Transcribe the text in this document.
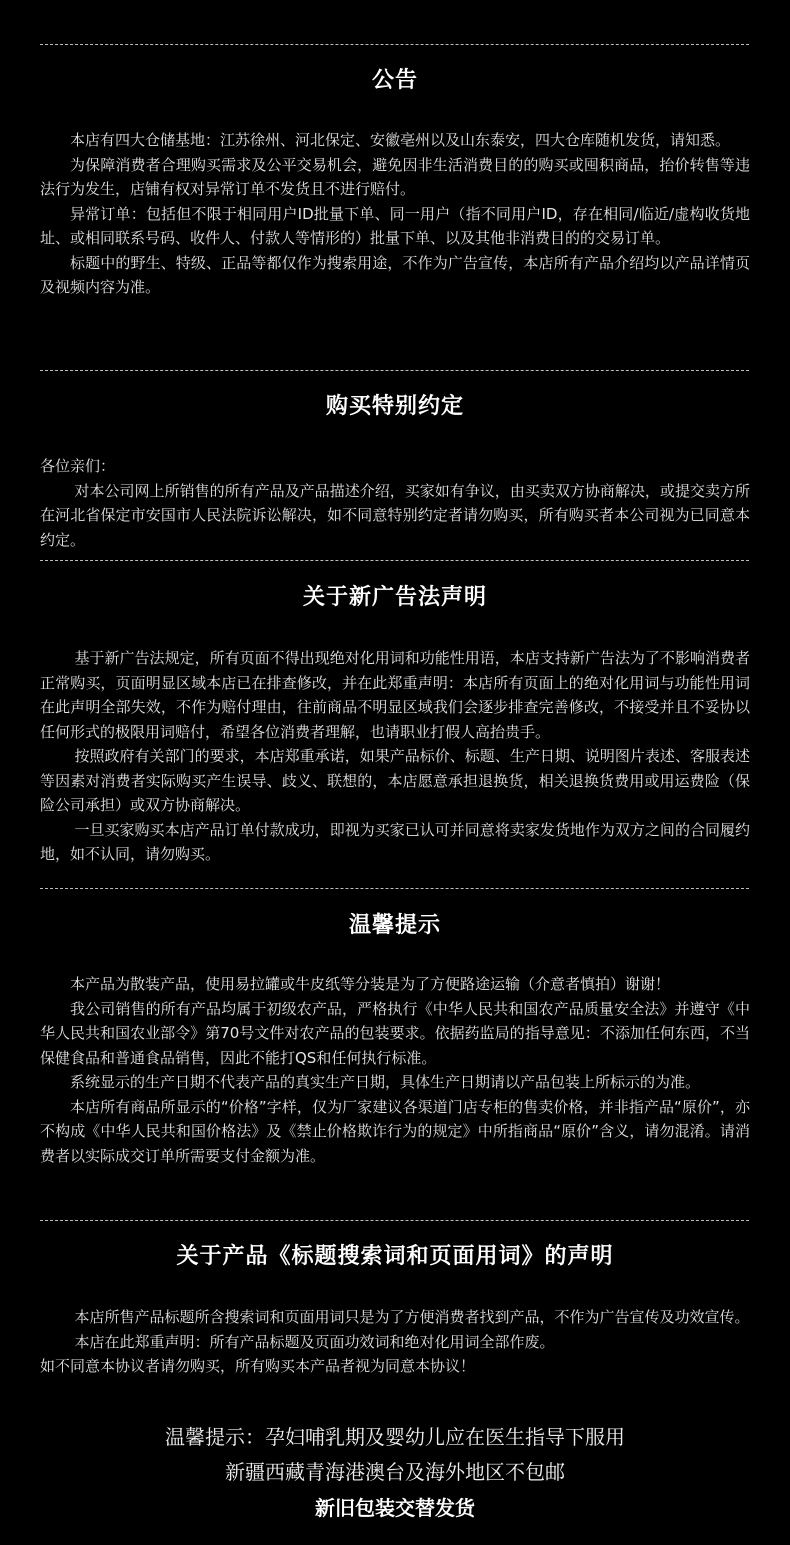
公告

本店有四大仓储基地：江苏徐州、河北保定、安徽亳州以及山东泰安，四大仓库随机发货，请知悉。

为保障消费者合理购买需求及公平交易机会，避免因非生活消费目的的购买或囤积商品，抬价转售等违法行为发生，店铺有权对异常订单不发货且不进行赔付。

异常订单：包括但不限于相同用户ID批量下单、同一用户（指不同用户ID，存在相同/临近/虚构收货地址、或相同联系号码、收件人、付款人等情形的）批量下单、以及其他非消费目的的交易订单。

标题中的野生、特级、正品等都仅作为搜索用途，不作为广告宣传，本店所有产品介绍均以产品详情页及视频内容为准。

购买特别约定

各位亲们：

对本公司网上所销售的所有产品及产品描述介绍，买家如有争议，由买卖双方协商解决，或提交卖方所在河北省保定市安国市人民法院诉讼解决，如不同意特别约定者请勿购买，所有购买者本公司视为已同意本约定。

关于新广告法声明

基于新广告法规定，所有页面不得出现绝对化用词和功能性用语，本店支持新广告法为了不影响消费者正常购买，页面明显区域本店已在排查修改，并在此郑重声明：本店所有页面上的绝对化用词与功能性用词在此声明全部失效，不作为赔付理由，往前商品不明显区域我们会逐步排查完善修改，不接受并且不妥协以任何形式的极限用词赔付，希望各位消费者理解，也请职业打假人高抬贵手。

按照政府有关部门的要求，本店郑重承诺，如果产品标价、标题、生产日期、说明图片表述、客服表述等因素对消费者实际购买产生误导、歧义、联想的，本店愿意承担退换货，相关退换货费用或用运费险（保险公司承担）或双方协商解决。

一旦买家购买本店产品订单付款成功，即视为买家已认可并同意将卖家发货地作为双方之间的合同履约地，如不认同，请勿购买。

温馨提示

本产品为散装产品，使用易拉罐或牛皮纸等分装是为了方便路途运输（介意者慎拍）谢谢！

我公司销售的所有产品均属于初级农产品，严格执行《中华人民共和国农产品质量安全法》并遵守《中华人民共和国农业部令》第70号文件对农产品的包装要求。依据药监局的指导意见：不添加任何东西，不当保健食品和普通食品销售，因此不能打QS和任何执行标准。

系统显示的生产日期不代表产品的真实生产日期，具体生产日期请以产品包装上所标示的为准。

本店所有商品所显示的“价格”字样，仅为厂家建议各渠道门店专柜的售卖价格，并非指产品“原价”，亦不构成《中华人民共和国价格法》及《禁止价格欺诈行为的规定》中所指商品“原价”含义，请勿混淆。请消费者以实际成交订单所需要支付金额为准。

关于产品《标题搜索词和页面用词》的声明

本店所售产品标题所含搜索词和页面用词只是为了方便消费者找到产品，不作为广告宣传及功效宣传。

本店在此郑重声明：所有产品标题及页面功效词和绝对化用词全部作废。

如不同意本协议者请勿购买，所有购买本产品者视为同意本协议！

温馨提示：孕妇哺乳期及婴幼儿应在医生指导下服用
新疆西藏青海港澳台及海外地区不包邮
新旧包装交替发货
